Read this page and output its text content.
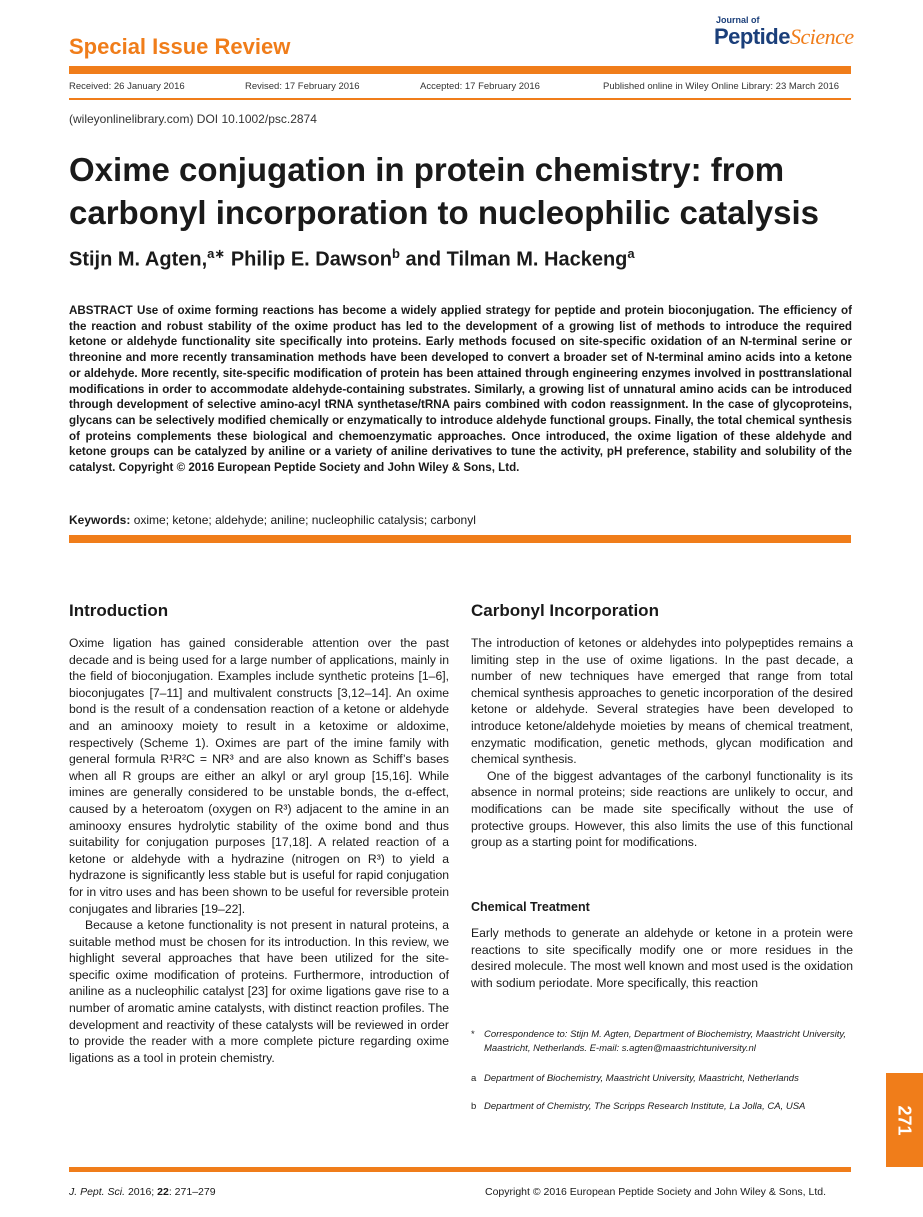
Special Issue Review
Journal of
PeptideScience
Received: 26 January 2016	Revised: 17 February 2016	Accepted: 17 February 2016	Published online in Wiley Online Library: 23 March 2016
(wileyonlinelibrary.com) DOI 10.1002/psc.2874
Oxime conjugation in protein chemistry: from carbonyl incorporation to nucleophilic catalysis
Stijn M. Agten,$^{a∗}$ Philip E. Dawson$^b$ and Tilman M. Hackeng$^a$
ABSTRACT Use of oxime forming reactions has become a widely applied strategy for peptide and protein bioconjugation. The efficiency of the reaction and robust stability of the oxime product has led to the development of a growing list of methods to introduce the required ketone or aldehyde functionality site specifically into proteins. Early methods focused on site-specific oxidation of an N-terminal serine or threonine and more recently transamination methods have been developed to convert a broader set of N-terminal amino acids into a ketone or aldehyde. More recently, site-specific modification of protein has been attained through engineering enzymes involved in posttranslational modifications in order to accommodate aldehyde-containing substrates. Similarly, a growing list of unnatural amino acids can be introduced through development of selective amino-acyl tRNA synthetase/tRNA pairs combined with codon reassignment. In the case of glycoproteins, glycans can be selectively modified chemically or enzymatically to introduce aldehyde functional groups. Finally, the total chemical synthesis of proteins complements these biological and chemoenzymatic approaches. Once introduced, the oxime ligation of these aldehyde and ketone groups can be catalyzed by aniline or a variety of aniline derivatives to tune the activity, pH preference, stability and solubility of the catalyst. Copyright © 2016 European Peptide Society and John Wiley & Sons, Ltd.
Keywords: oxime; ketone; aldehyde; aniline; nucleophilic catalysis; carbonyl
Introduction

Oxime ligation has gained considerable attention over the past decade and is being used for a large number of applications, mainly in the field of bioconjugation. Examples include synthetic proteins [1–6], bioconjugates [7–11] and multivalent constructs [3,12–14]. An oxime bond is the result of a condensation reaction of a ketone or aldehyde and an aminooxy moiety to result in a ketoxime or aldoxime, respectively (Scheme 1). Oximes are part of the imine family with general formula R¹R²C = NR³ and are also known as Schiff’s bases when all R groups are either an alkyl or aryl group [15,16]. While imines are generally considered to be unstable bonds, the α-effect, caused by a heteroatom (oxygen on R³) adjacent to the amine in an aminooxy ensures hydrolytic stability of the oxime bond and thus suitability for conjugation purposes [17,18]. A related reaction of a ketone or aldehyde with a hydrazine (nitrogen on R³) to yield a hydrazone is significantly less stable but is useful for rapid conjugation for in vitro uses and has been shown to be useful for reversible protein conjugates and libraries [19–22].

Because a ketone functionality is not present in natural proteins, a suitable method must be chosen for its introduction. In this review, we highlight several approaches that have been utilized for the site-specific oxime modification of proteins. Furthermore, introduction of aniline as a nucleophilic catalyst [23] for oxime ligations gave rise to a number of aromatic amine catalysts, with distinct reaction profiles. The development and reactivity of these catalysts will be reviewed in order to provide the reader with a more complete picture regarding oxime ligations as a tool in protein chemistry.

Carbonyl Incorporation

The introduction of ketones or aldehydes into polypeptides remains a limiting step in the use of oxime ligations. In the past decade, a number of new techniques have emerged that range from total chemical synthesis approaches to genetic incorporation of the desired ketone or aldehyde. Several strategies have been developed to introduce ketone/aldehyde moieties by means of chemical treatment, enzymatic modification, genetic methods, glycan modification and chemical synthesis.

One of the biggest advantages of the carbonyl functionality is its absence in normal proteins; side reactions are unlikely to occur, and modifications can be made site specifically without the use of protective groups. However, this also limits the use of this functional group as a starting point for modifications.

Chemical Treatment

Early methods to generate an aldehyde or ketone in a protein were reactions to site specifically modify one or more residues in the desired molecule. The most well known and most used is the oxidation with sodium periodate. More specifically, this reaction

* Correspondence to: Stijn M. Agten, Department of Biochemistry, Maastricht University, Maastricht, Netherlands. E-mail: s.agten@maastrichtuniversity.nl
a Department of Biochemistry, Maastricht University, Maastricht, Netherlands
b Department of Chemistry, The Scripps Research Institute, La Jolla, CA, USA	271
J. Pept. Sci. 2016; 22: 271–279	Copyright © 2016 European Peptide Society and John Wiley & Sons, Ltd.
